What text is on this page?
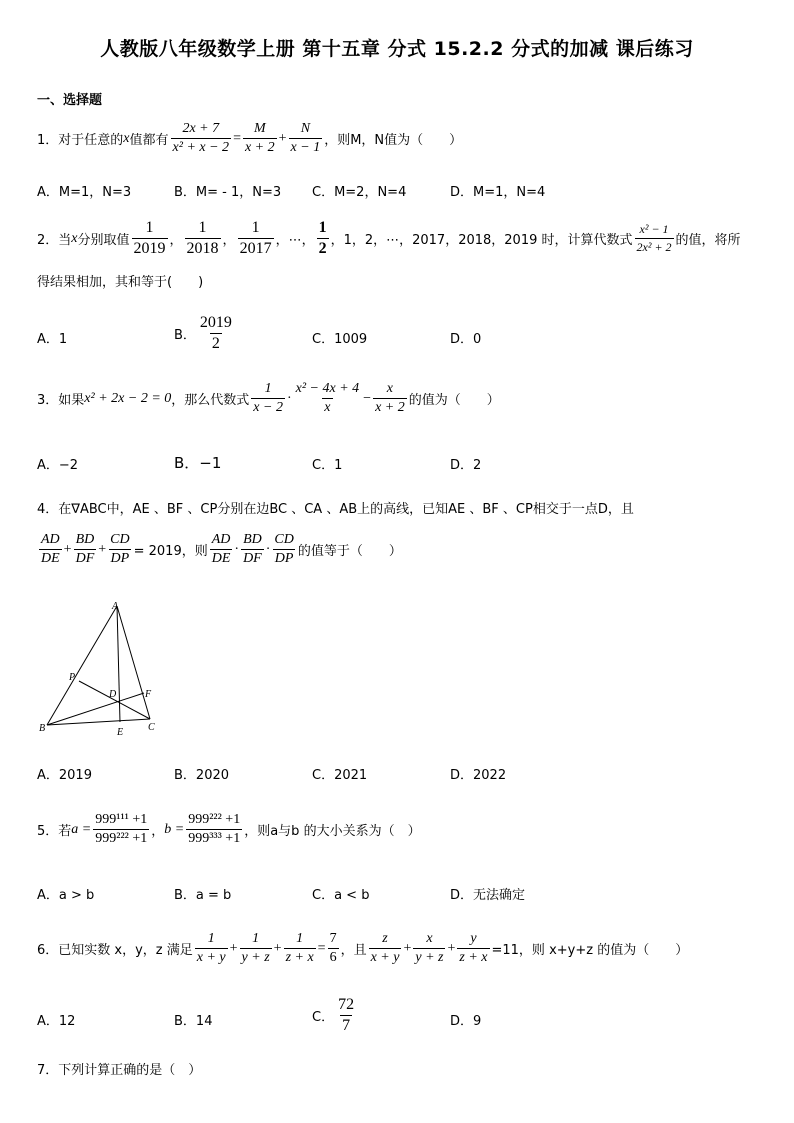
人教版八年级数学上册 第十五章 分式 15.2.2 分式的加减 课后练习
一、选择题
1． 对于任意的 x 值都有 $\frac{2x + 7}{\text{x² + x − 2}} = \frac{M}{x + 2} + \frac{N}{x - 1}$ ，则M，N值为（　　）
A．M=1，N=3	B．M= - 1，N=3 C．M=2，N=4	D．M=1，N=4
2． 当 x 分别取值 $\frac{1}{2019}$ ， $\frac{1}{2018}$ ， $\frac{1}{2017}$ ，⋯， $\frac{1}{2}$ ，1，2，⋯，2017，2018，2019 时，计算代数式 $\frac{\text{x² − 1}}{\text{2x² + 2}}$ 的值，将所
得结果相加，其和等于(　　)
A．1	B． $\frac{2019}{2}$	C．1009	D．0
3． 如果 x² + 2x − 2 = 0 ，那么代数式 $\frac{1}{x - 2} \cdot \frac{\text{x² − 4x + 4}}{x} - \frac{x}{x + 2}$ 的值为（　　）
A．−2	B．−1	C．1	D．2
4． 在∇ABC中，AE 、BF 、CP分别在边BC 、CA 、AB上的高线，已知AE 、BF 、CP相交于一点D，且
$\frac{AD}{DE} + \frac{BD}{DF} + \frac{CD}{DP} = 2019$，则 $\frac{AD}{DE} \cdot \frac{BD}{DF} \cdot \frac{CD}{DP}$ 的值等于（　　）
A
B	C
D
E
F
P
A．2019	B．2020	C．2021	D．2022
5． 若 $a = \frac{\text{999¹¹¹ +1}}{\text{999²²² +1}}$ ， $b = \frac{\text{999²²² +1}}{\text{999³³³ +1}}$ ，则a与b 的大小关系为（　）
A．a > b	B．a = b	C．a < b	D．无法确定
6． 已知实数 x，y，z 满足 $\frac{1}{x + y} + \frac{1}{y + z} + \frac{1}{z + x} = \frac{7}{6}$ ，且 $\frac{z}{x + y} + \frac{x}{y + z} + \frac{y}{z + x} =11$，则 x+y+z 的值为（　　）
A．12	B．14	C． $\frac{72}{7}$	D．9
7．下列计算正确的是（　）
